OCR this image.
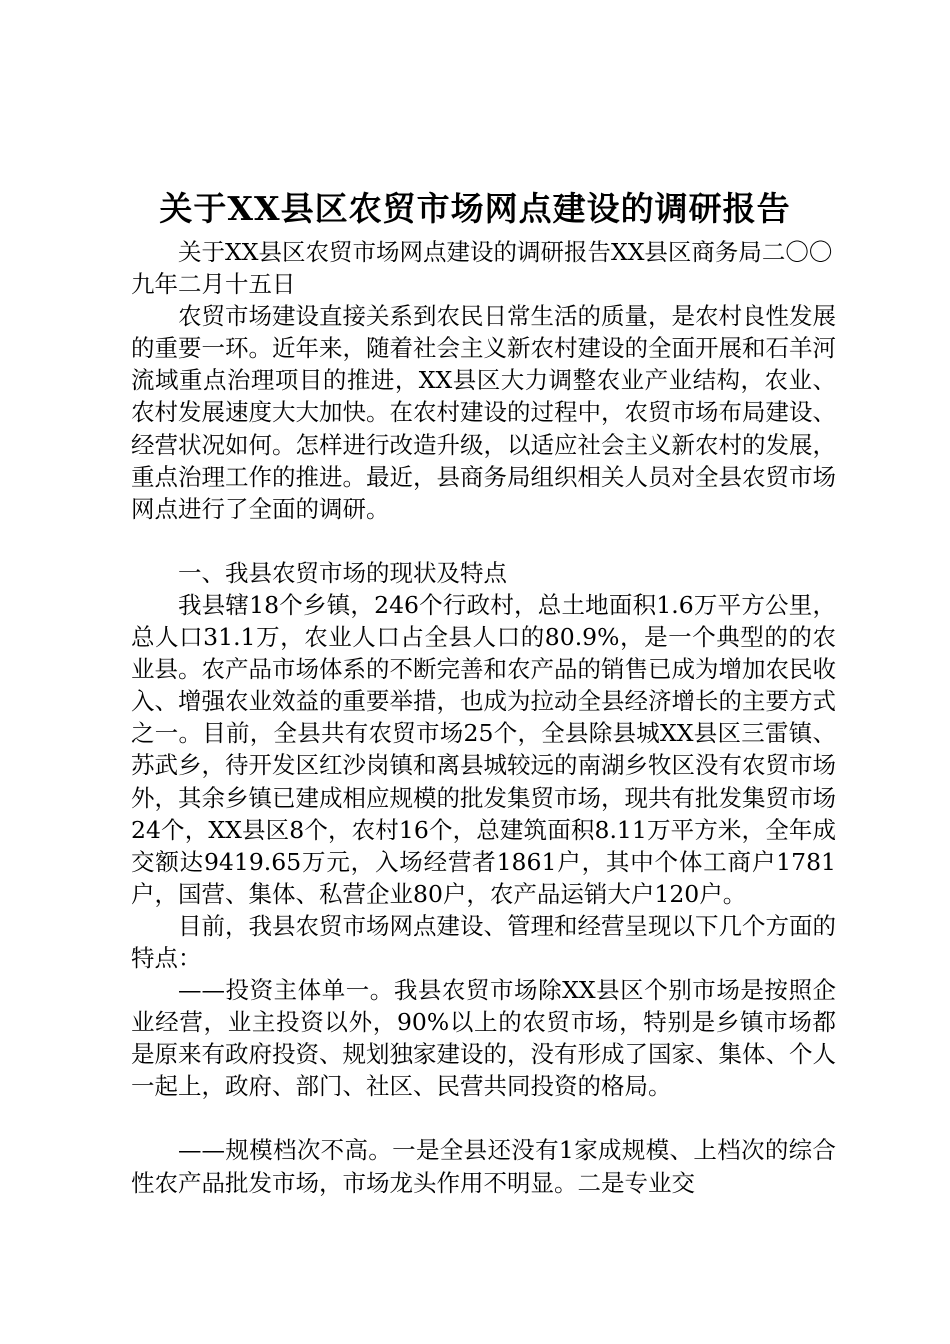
关于XX县区农贸市场网点建设的调研报告

关于XX县区农贸市场网点建设的调研报告XX县区商务局二〇〇九年二月十五日

农贸市场建设直接关系到农民日常生活的质量，是农村良性发展的重要一环。近年来，随着社会主义新农村建设的全面开展和石羊河流域重点治理项目的推进，XX县区大力调整农业产业结构，农业、农村发展速度大大加快。在农村建设的过程中，农贸市场布局建设、经营状况如何。怎样进行改造升级，以适应社会主义新农村的发展，重点治理工作的推进。最近，县商务局组织相关人员对全县农贸市场网点进行了全面的调研。

一、我县农贸市场的现状及特点

我县辖18个乡镇，246个行政村，总土地面积1.6万平方公里，总人口31.1万，农业人口占全县人口的80.9%，是一个典型的的农业县。农产品市场体系的不断完善和农产品的销售已成为增加农民收入、增强农业效益的重要举措，也成为拉动全县经济增长的主要方式之一。目前，全县共有农贸市场25个，全县除县城XX县区三雷镇、苏武乡，待开发区红沙岗镇和离县城较远的南湖乡牧区没有农贸市场外，其余乡镇已建成相应规模的批发集贸市场，现共有批发集贸市场24个，XX县区8个，农村16个，总建筑面积8.11万平方米，全年成交额达9419.65万元，入场经营者1861户，其中个体工商户1781户，国营、集体、私营企业80户，农产品运销大户120户。

目前，我县农贸市场网点建设、管理和经营呈现以下几个方面的特点：

——投资主体单一。我县农贸市场除XX县区个别市场是按照企业经营，业主投资以外，90%以上的农贸市场，特别是乡镇市场都是原来有政府投资、规划独家建设的，没有形成了国家、集体、个人一起上，政府、部门、社区、民营共同投资的格局。

——规模档次不高。一是全县还没有1家成规模、上档次的综合性农产品批发市场，市场龙头作用不明显。二是专业交
